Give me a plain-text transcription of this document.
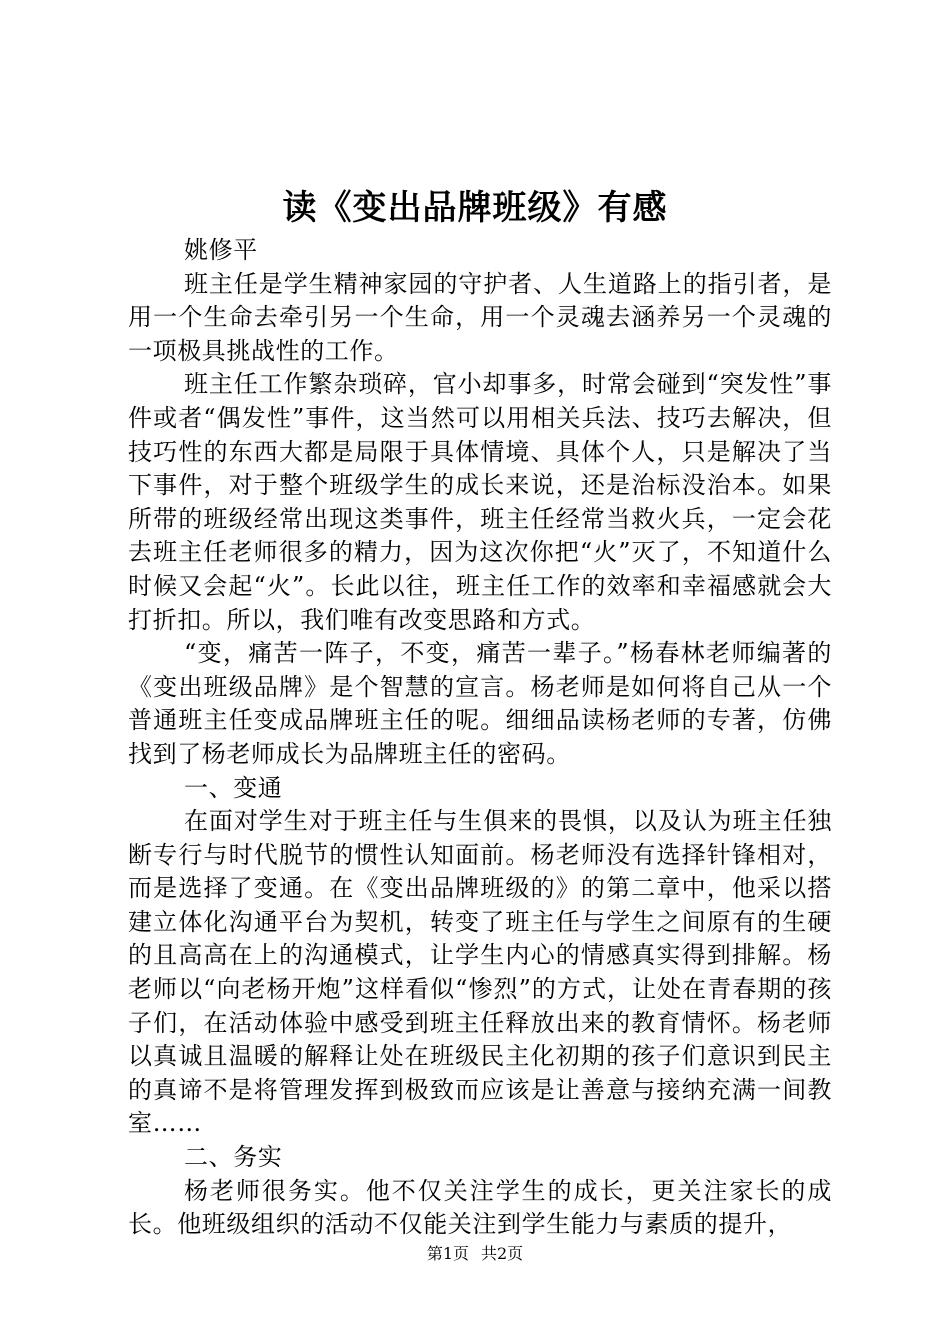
读《变出品牌班级》有感

姚修平

班主任是学生精神家园的守护者、人生道路上的指引者，是用一个生命去牵引另一个生命，用一个灵魂去涵养另一个灵魂的一项极具挑战性的工作。

班主任工作繁杂琐碎，官小却事多，时常会碰到“突发性”事件或者“偶发性”事件，这当然可以用相关兵法、技巧去解决，但技巧性的东西大都是局限于具体情境、具体个人，只是解决了当下事件，对于整个班级学生的成长来说，还是治标没治本。如果所带的班级经常出现这类事件，班主任经常当救火兵，一定会花去班主任老师很多的精力，因为这次你把“火”灭了，不知道什么时候又会起“火”。长此以往，班主任工作的效率和幸福感就会大打折扣。所以，我们唯有改变思路和方式。

“变，痛苦一阵子，不变，痛苦一辈子。”杨春林老师编著的《变出班级品牌》是个智慧的宣言。杨老师是如何将自己从一个普通班主任变成品牌班主任的呢。细细品读杨老师的专著，仿佛找到了杨老师成长为品牌班主任的密码。

一、变通

在面对学生对于班主任与生俱来的畏惧，以及认为班主任独断专行与时代脱节的惯性认知面前。杨老师没有选择针锋相对，而是选择了变通。在《变出品牌班级的》的第二章中，他采以搭建立体化沟通平台为契机，转变了班主任与学生之间原有的生硬的且高高在上的沟通模式，让学生内心的情感真实得到排解。杨老师以“向老杨开炮”这样看似“惨烈”的方式，让处在青春期的孩子们，在活动体验中感受到班主任释放出来的教育情怀。杨老师以真诚且温暖的解释让处在班级民主化初期的孩子们意识到民主的真谛不是将管理发挥到极致而应该是让善意与接纳充满一间教室……

二、务实

杨老师很务实。他不仅关注学生的成长，更关注家长的成长。他班级组织的活动不仅能关注到学生能力与素质的提升，

第1页 共2页
